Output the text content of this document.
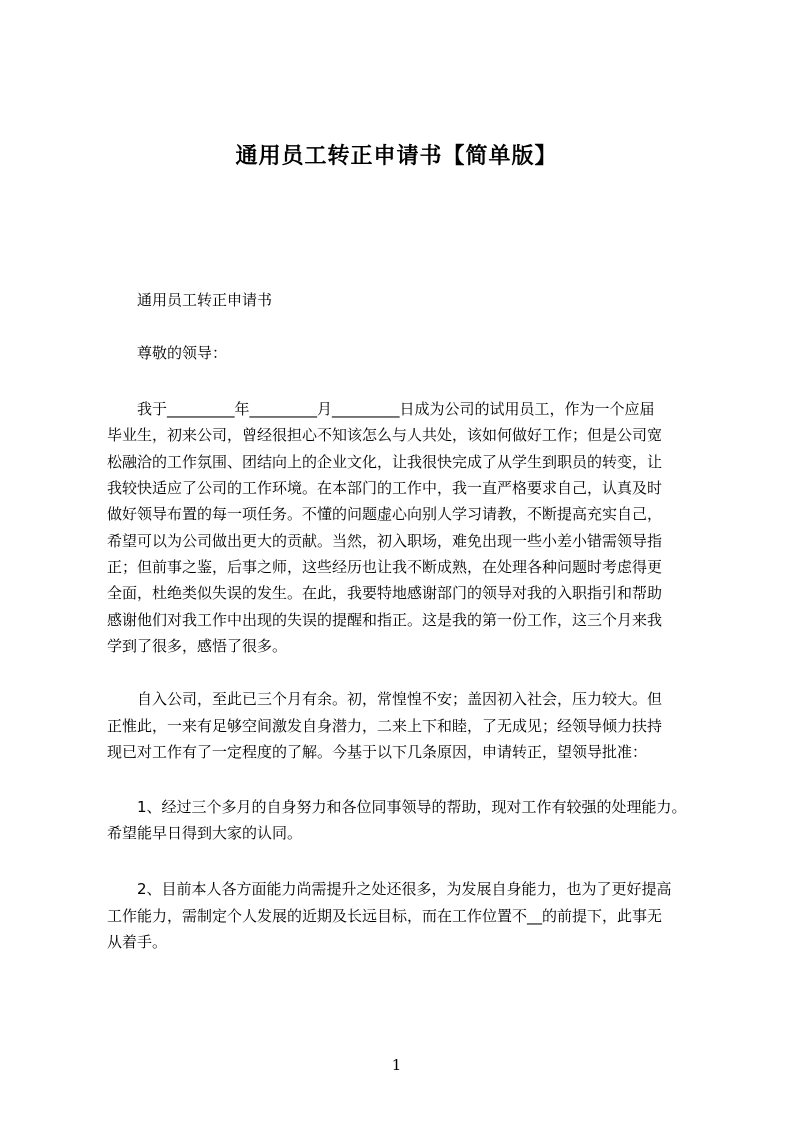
通用员工转正申请书【简单版】
通用员工转正申请书
尊敬的领导：
我于_________年_________月_________日成为公司的试用员工，作为一个应届
毕业生，初来公司，曾经很担心不知该怎么与人共处，该如何做好工作；但是公司宽
松融洽的工作氛围、团结向上的企业文化，让我很快完成了从学生到职员的转变，让
我较快适应了公司的工作环境。在本部门的工作中，我一直严格要求自己，认真及时
做好领导布置的每一项任务。不懂的问题虚心向别人学习请教，不断提高充实自己，
希望可以为公司做出更大的贡献。当然，初入职场，难免出现一些小差小错需领导指
正；但前事之鉴，后事之师，这些经历也让我不断成熟，在处理各种问题时考虑得更
全面，杜绝类似失误的发生。在此，我要特地感谢部门的领导对我的入职指引和帮助
感谢他们对我工作中出现的失误的提醒和指正。这是我的第一份工作，这三个月来我
学到了很多，感悟了很多。
自入公司，至此已三个月有余。初，常惶惶不安；盖因初入社会，压力较大。但
正惟此，一来有足够空间激发自身潜力，二来上下和睦，了无成见；经领导倾力扶持
现已对工作有了一定程度的了解。今基于以下几条原因，申请转正，望领导批准：
1、经过三个多月的自身努力和各位同事领导的帮助，现对工作有较强的处理能力。
希望能早日得到大家的认同。
2、目前本人各方面能力尚需提升之处还很多，为发展自身能力，也为了更好提高
工作能力，需制定个人发展的近期及长远目标，而在工作位置不__的前提下，此事无
从着手。
1
